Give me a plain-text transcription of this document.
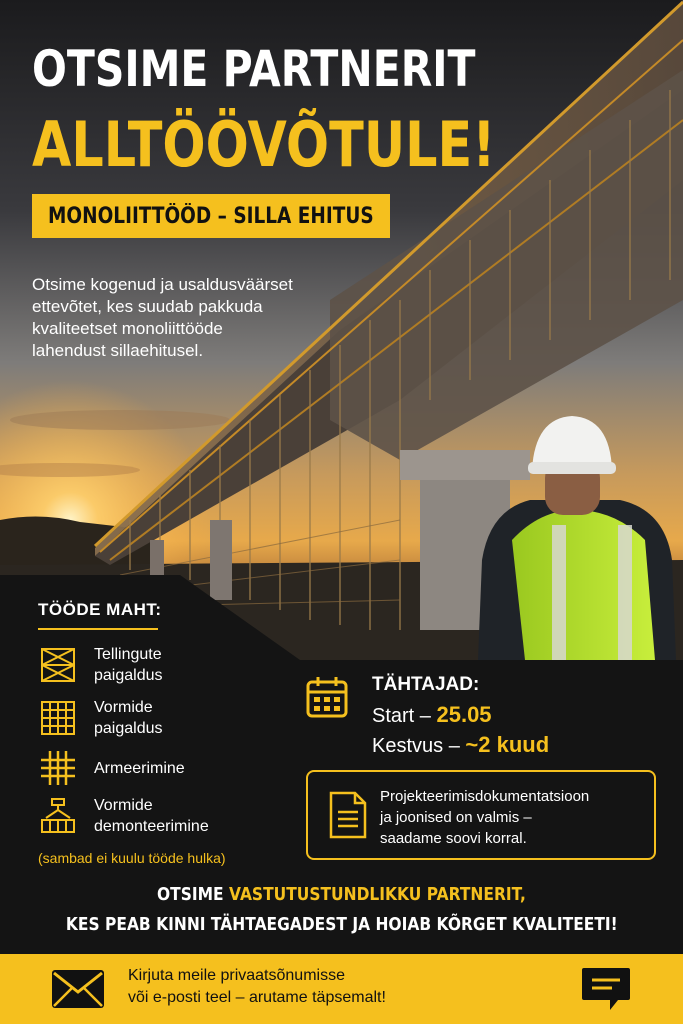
OTSIME PARTNERIT
ALLTÖÖVÕTULE!
MONOLIITTÖÖD – SILLA EHITUS
Otsime kogenud ja usaldusväärset
ettevõtet, kes suudab pakkuda
kvaliteetset monoliittööde
lahendust sillaehitusel.
TÖÖDE MAHT:
Tellingute
paigaldus
Vormide
paigaldus
Armeerimine
Vormide
demonteerimine
(sambad ei kuulu tööde hulka)
TÄHTAJAD:
Start – 25.05
Kestvus – ~2 kuud
Projekteerimisdokumentatsioon
ja joonised on valmis –
saadame soovi korral.
OTSIME VASTUTUSTUNDLIKKU PARTNERIT,
KES PEAB KINNI TÄHTAEGADEST JA HOIAB KÕRGET KVALITEETI!
Kirjuta meile privaatsõnumisse
või e-posti teel – arutame täpsemalt!
